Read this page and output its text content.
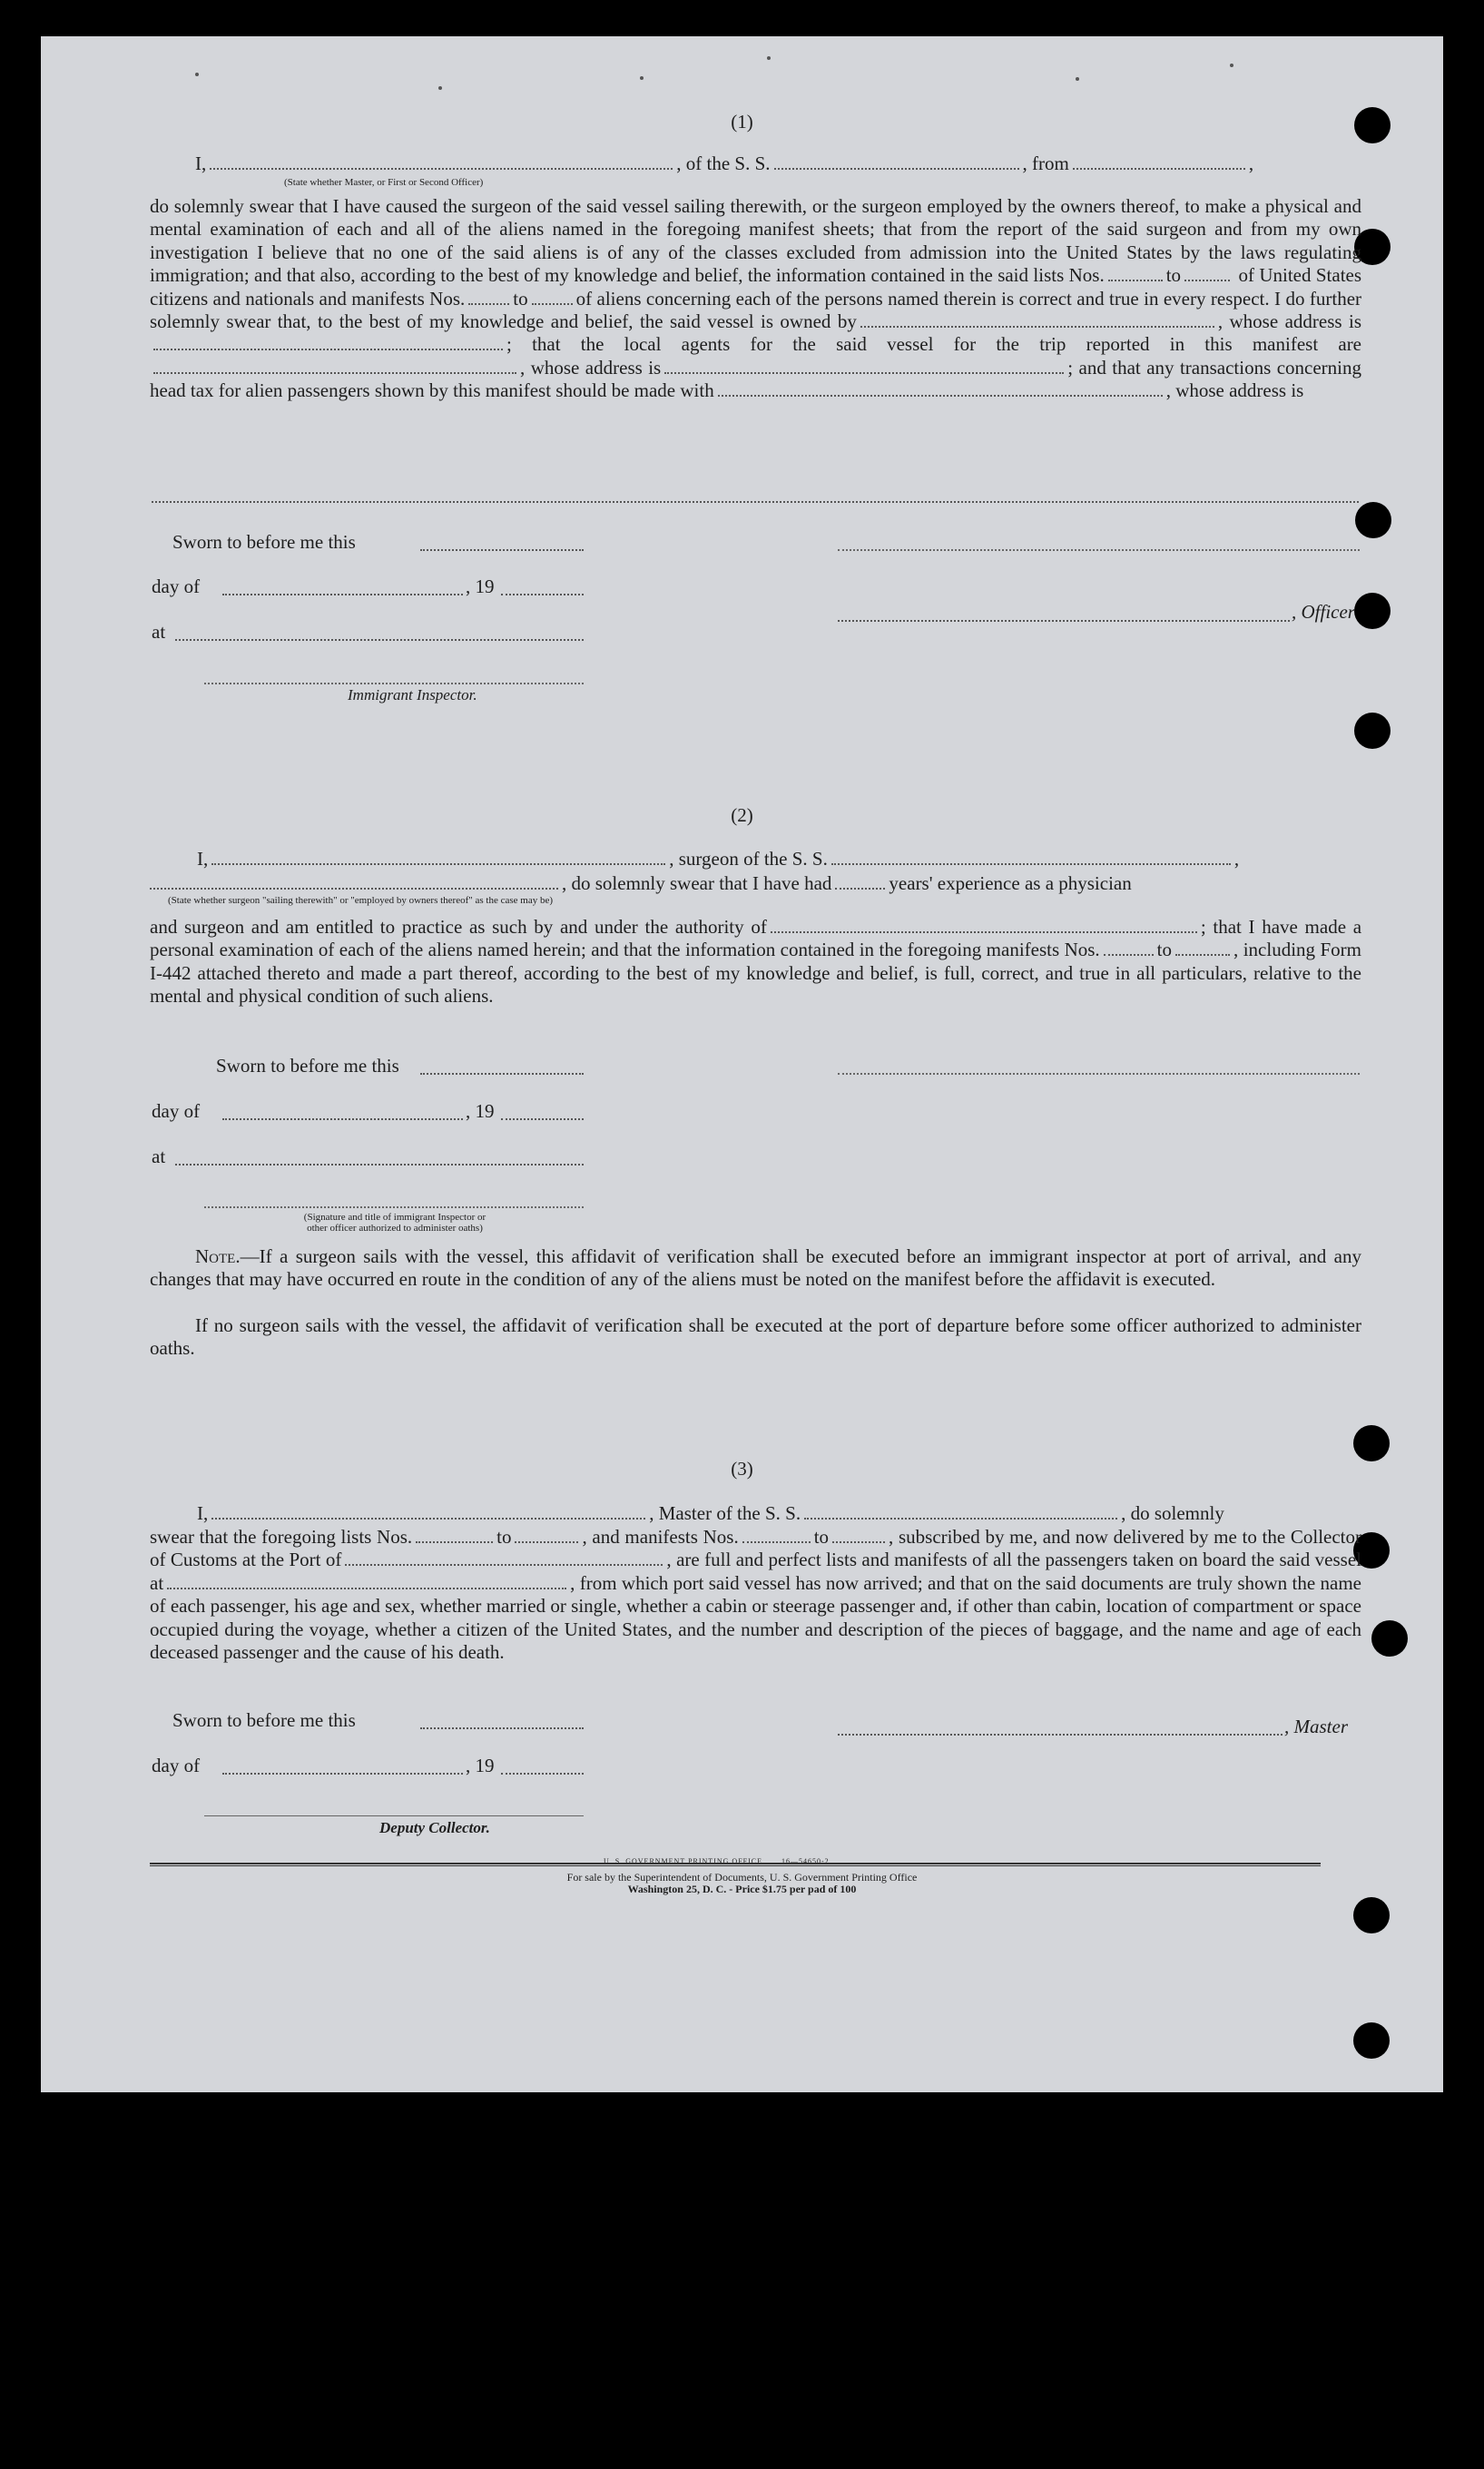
(1)
I,	, of the S. S.	, from	,
(State whether Master, or First or Second Officer)

do solemnly swear that I have caused the surgeon of the said vessel sailing therewith, or the surgeon employed by the owners thereof, to make a physical and mental examination of each and all of the aliens named in the foregoing manifest sheets; that from the report of the said surgeon and from my own investigation I believe that no one of the said aliens is of any of the classes excluded from admission into the United States by the laws regulating immigration; and that also, according to the best of my knowledge and belief, the information contained in the said lists Nos.	to	of United States citizens and nationals and manifests Nos.	to	of aliens concerning each of the persons named therein is correct and true in every respect. I do further solemnly swear that, to the best of my knowledge and belief, the said vessel is owned by	, whose address is; that the local agents for the said vessel for the trip reported in this manifest are, whose address is	; and that any transactions concerning head tax for alien passengers shown by this manifest should be made with	, whose address is

Sworn to before me this
day of	, 19
at
, Officer
Immigrant Inspector.
(2)
I,	, surgeon of the S. S.	,
, do solemnly swear that I have had	years' experience as a physician
(State whether surgeon "sailing therewith" or "employed by owners thereof" as the case may be)

and surgeon and am entitled to practice as such by and under the authority of	; that I have made a personal examination of each of the aliens named herein; and that the information contained in the foregoing manifests Nos.	to	, including Form I-442 attached thereto and made a part thereof, according to the best of my knowledge and belief, is full, correct, and true in all particulars, relative to the mental and physical condition of such aliens.

Sworn to before me this
day of	, 19
at
(Signature and title of immigrant Inspector or
other officer authorized to administer oaths)

Note.—If a surgeon sails with the vessel, this affidavit of verification shall be executed before an immigrant inspector at port of arrival, and any changes that may have occurred en route in the condition of any of the aliens must be noted on the manifest before the affidavit is executed.

If no surgeon sails with the vessel, the affidavit of verification shall be executed at the port of departure before some officer authorized to administer oaths.

(3)
I,	, Master of the S. S.	, do solemnly

swear that the foregoing lists Nos.	to	, and manifests Nos.	to	, subscribed by me, and now delivered by me to the Collector of Customs at the Port of	, are full and perfect lists and manifests of all the passengers taken on board the said vessel at	, from which port said vessel has now arrived; and that on the said documents are truly shown the name of each passenger, his age and sex, whether married or single, whether a cabin or steerage passenger and, if other than cabin, location of compartment or space occupied during the voyage, whether a citizen of the United States, and the number and description of the pieces of baggage, and the name and age of each deceased passenger and the cause of his death.

Sworn to before me this	, Master
day of	, 19
Deputy Collector.
U. S. GOVERNMENT PRINTING OFFICE	16—54650-2
For sale by the Superintendent of Documents, U. S. Government Printing Office
Washington 25, D. C. - Price $1.75 per pad of 100
